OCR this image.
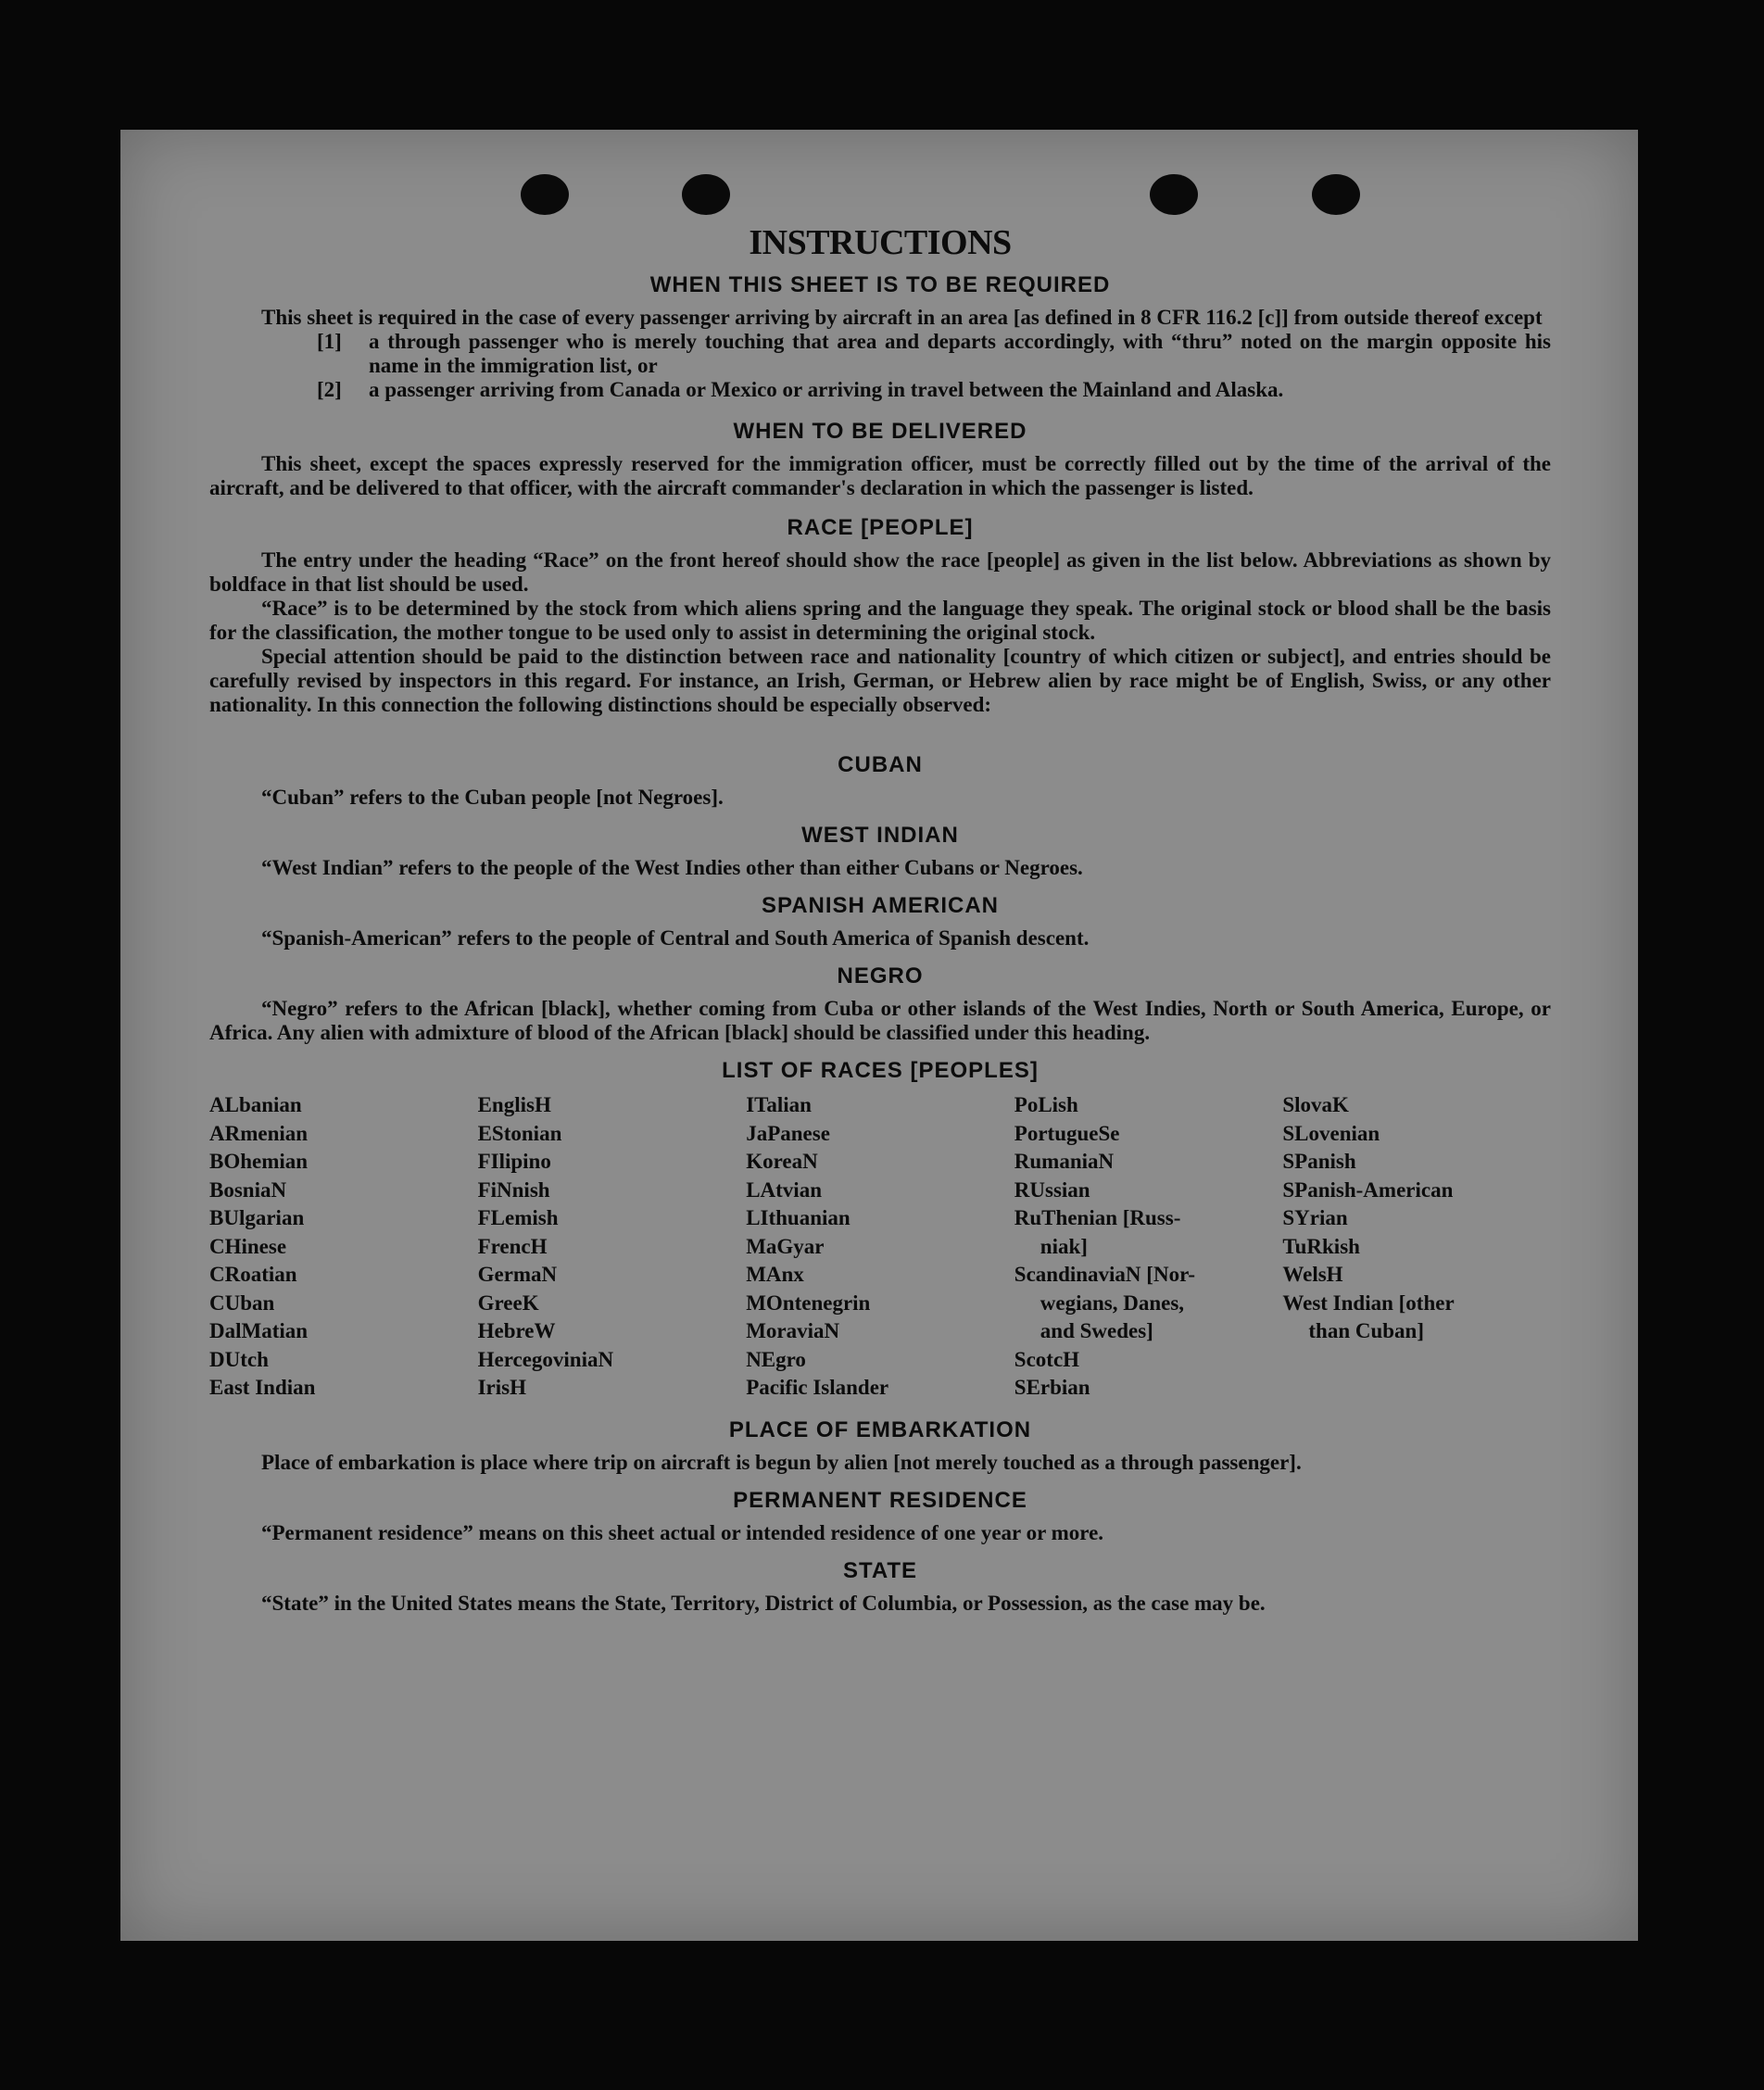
INSTRUCTIONS
WHEN THIS SHEET IS TO BE REQUIRED

This sheet is required in the case of every passenger arriving by aircraft in an area [as defined in 8 CFR 116.2 [c]] from outside thereof except

[1]	a through passenger who is merely touching that area and departs accordingly, with “thru” noted on the margin opposite his name in the immigration list, or
[2]	a passenger arriving from Canada or Mexico or arriving in travel between the Mainland and Alaska.
WHEN TO BE DELIVERED

This sheet, except the spaces expressly reserved for the immigration officer, must be correctly filled out by the time of the arrival of the aircraft, and be delivered to that officer, with the aircraft commander's declaration in which the passenger is listed.

RACE [PEOPLE]

The entry under the heading “Race” on the front hereof should show the race [people] as given in the list below. Abbreviations as shown by boldface in that list should be used.

“Race” is to be determined by the stock from which aliens spring and the language they speak. The original stock or blood shall be the basis for the classification, the mother tongue to be used only to assist in determining the original stock.

Special attention should be paid to the distinction between race and nationality [country of which citizen or subject], and entries should be carefully revised by inspectors in this regard. For instance, an Irish, German, or Hebrew alien by race might be of English, Swiss, or any other nationality. In this connection the following distinctions should be especially observed:

CUBAN

“Cuban” refers to the Cuban people [not Negroes].

WEST INDIAN

“West Indian” refers to the people of the West Indies other than either Cubans or Negroes.

SPANISH AMERICAN

“Spanish-American” refers to the people of Central and South America of Spanish descent.

NEGRO

“Negro” refers to the African [black], whether coming from Cuba or other islands of the West Indies, North or South America, Europe, or Africa. Any alien with admixture of blood of the African [black] should be classified under this heading.

LIST OF RACES [PEOPLES]
ALbanian
ARmenian
BOhemian
BosniaN
BUlgarian
CHinese
CRoatian
CUban
DalMatian
DUtch
East Indian
EnglisH
EStonian
FIlipino
FiNnish
FLemish
FrencH
GermaN
GreeK
HebreW
HercegoviniaN
IrisH
ITalian
JaPanese
KoreaN
LAtvian
LIthuanian
MaGyar
MAnx
MOntenegrin
MoraviaN
NEgro
Pacific Islander
PoLish
PortugueSe
RumaniaN
RUssian
RuThenian [Russ-
niak]
ScandinaviaN [Nor-
wegians, Danes,
and Swedes]
ScotcH
SErbian
SlovaK
SLovenian
SPanish
SPanish-American
SYrian
TuRkish
WelsH
West Indian [other
than Cuban]
PLACE OF EMBARKATION

Place of embarkation is place where trip on aircraft is begun by alien [not merely touched as a through passenger].

PERMANENT RESIDENCE

“Permanent residence” means on this sheet actual or intended residence of one year or more.

STATE

“State” in the United States means the State, Territory, District of Columbia, or Possession, as the case may be.
